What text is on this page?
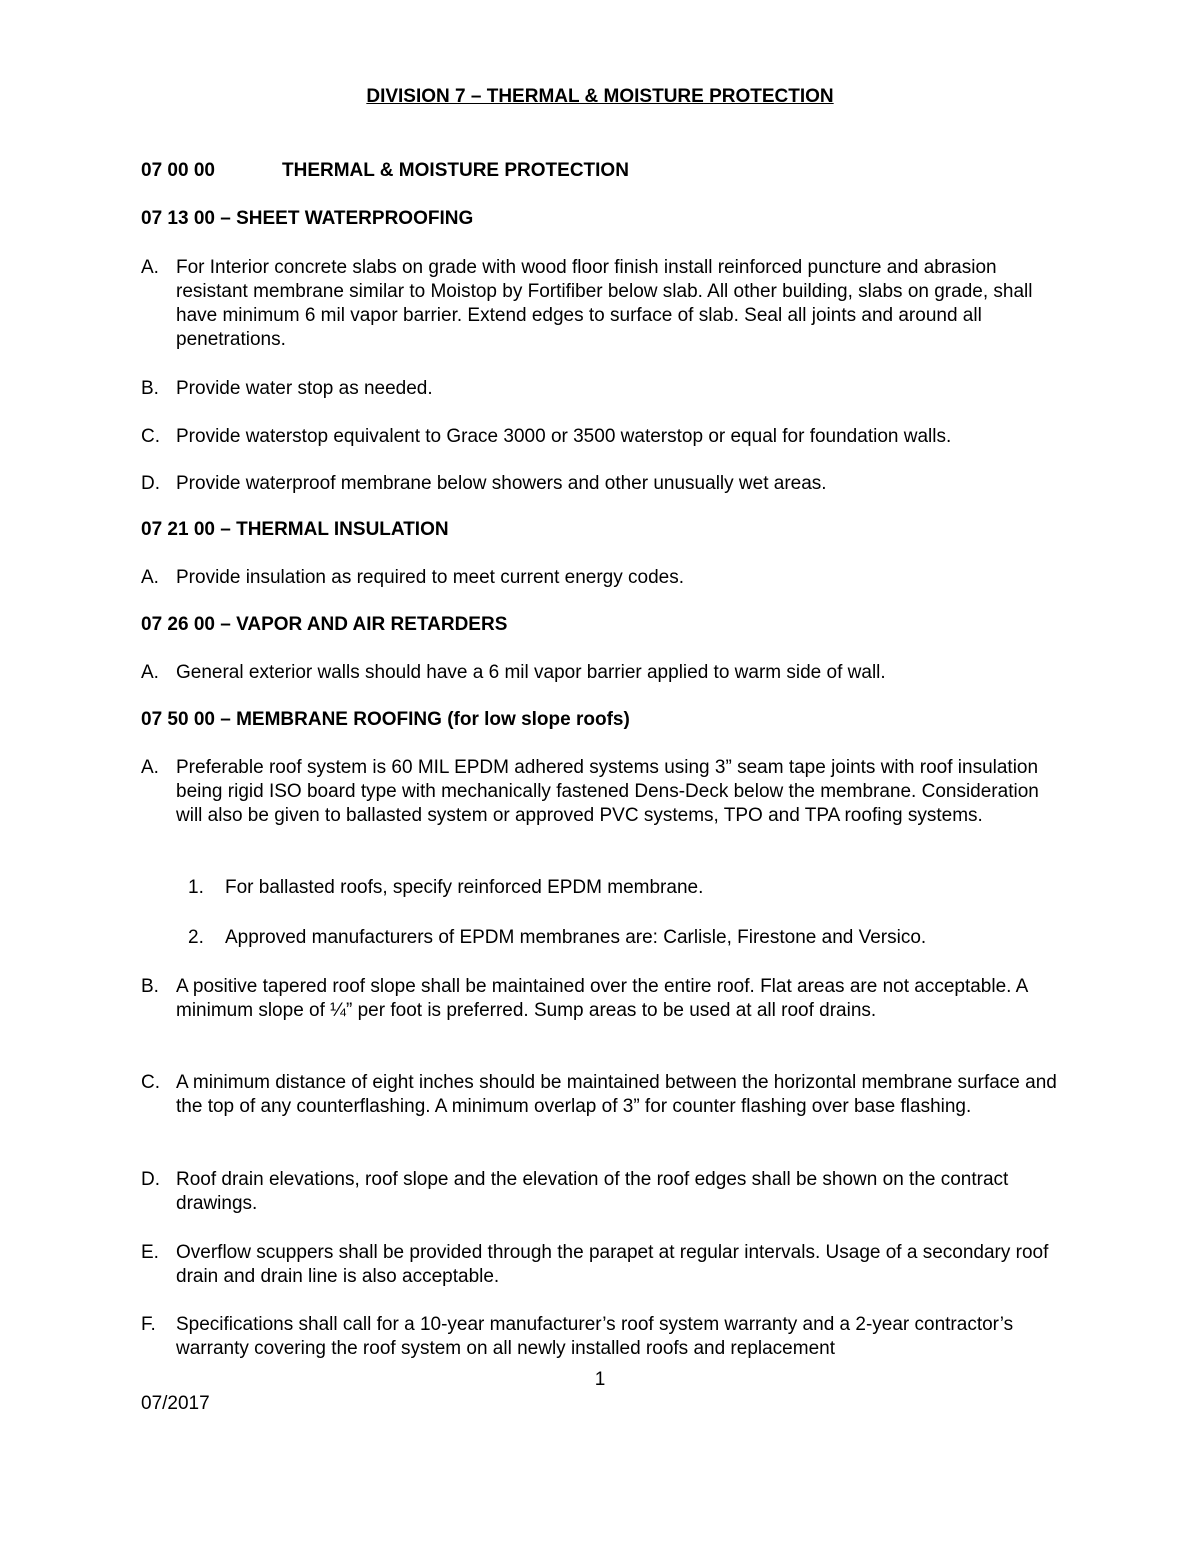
DIVISION 7 – THERMAL & MOISTURE PROTECTION
07 00 00	THERMAL & MOISTURE PROTECTION
07 13 00 – SHEET WATERPROOFING
A. For Interior concrete slabs on grade with wood floor finish install reinforced puncture and abrasion resistant membrane similar to Moistop by Fortifiber below slab. All other building, slabs on grade, shall have minimum 6 mil vapor barrier. Extend edges to surface of slab. Seal all joints and around all penetrations.
B. Provide water stop as needed.
C. Provide waterstop equivalent to Grace 3000 or 3500 waterstop or equal for foundation walls.
D. Provide waterproof membrane below showers and other unusually wet areas.
07 21 00 – THERMAL INSULATION
A. Provide insulation as required to meet current energy codes.
07 26 00 – VAPOR AND AIR RETARDERS
A. General exterior walls should have a 6 mil vapor barrier applied to warm side of wall.
07 50 00 – MEMBRANE ROOFING (for low slope roofs)
A. Preferable roof system is 60 MIL EPDM adhered systems using 3” seam tape joints with roof insulation being rigid ISO board type with mechanically fastened Dens-Deck below the membrane. Consideration will also be given to ballasted system or approved PVC systems, TPO and TPA roofing systems.
1.	For ballasted roofs, specify reinforced EPDM membrane.
2.	Approved manufacturers of EPDM membranes are: Carlisle, Firestone and Versico.
B. A positive tapered roof slope shall be maintained over the entire roof. Flat areas are not acceptable. A minimum slope of ¼” per foot is preferred. Sump areas to be used at all roof drains.
C. A minimum distance of eight inches should be maintained between the horizontal membrane surface and the top of any counterflashing. A minimum overlap of 3” for counter flashing over base flashing.
D. Roof drain elevations, roof slope and the elevation of the roof edges shall be shown on the contract drawings.
E. Overflow scuppers shall be provided through the parapet at regular intervals. Usage of a secondary roof drain and drain line is also acceptable.
F.	Specifications shall call for a 10-year manufacturer’s roof system warranty and a 2-year contractor’s warranty covering the roof system on all newly installed roofs and replacement
1
07/2017
